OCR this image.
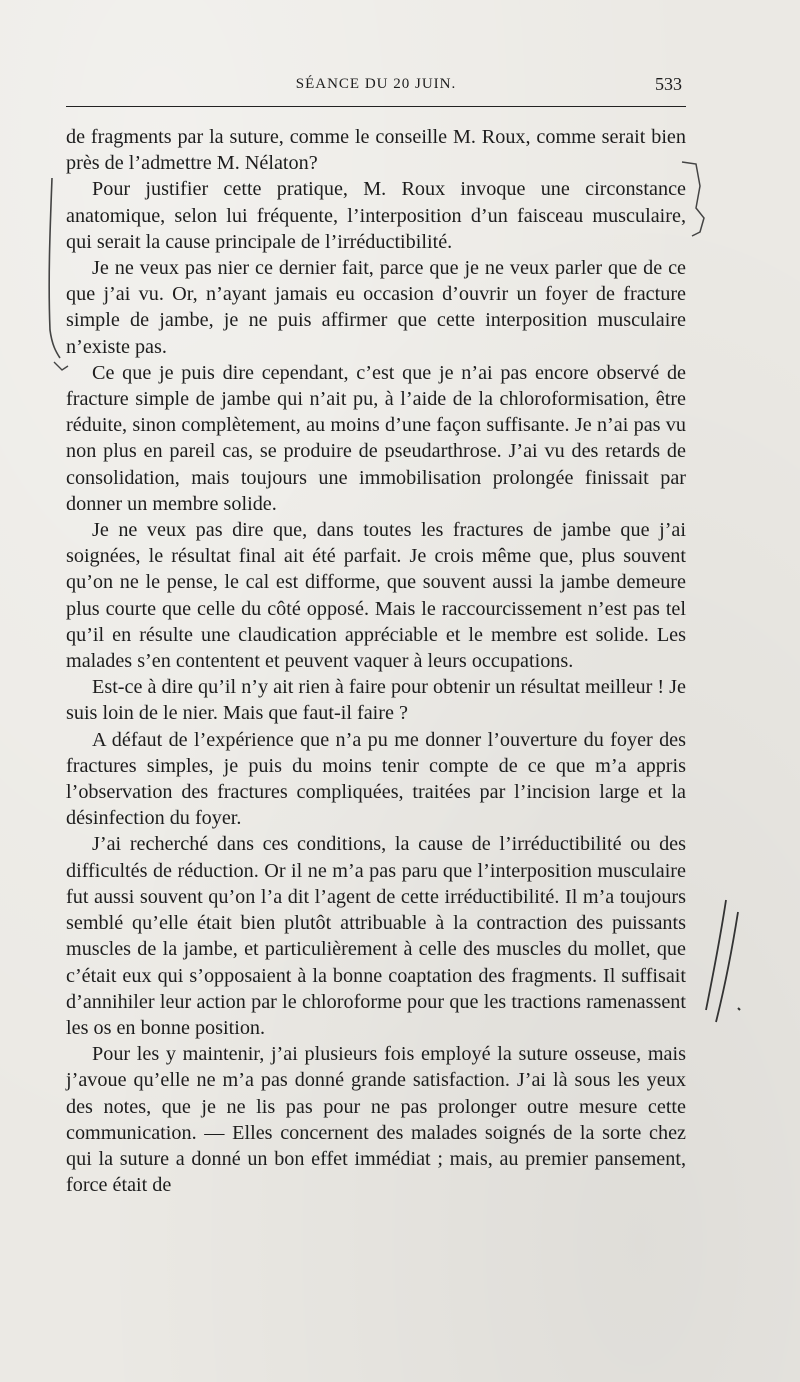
SÉANCE DU 20 JUIN.	533

de fragments par la suture, comme le conseille M. Roux, comme serait bien près de l’admettre M. Nélaton?

Pour justifier cette pratique, M. Roux invoque une circonstance anatomique, selon lui fréquente, l’interposition d’un faisceau musculaire, qui serait la cause principale de l’irréductibilité.

Je ne veux pas nier ce dernier fait, parce que je ne veux parler que de ce que j’ai vu. Or, n’ayant jamais eu occasion d’ouvrir un foyer de fracture simple de jambe, je ne puis affirmer que cette interposition musculaire n’existe pas.

Ce que je puis dire cependant, c’est que je n’ai pas encore observé de fracture simple de jambe qui n’ait pu, à l’aide de la chloroformisation, être réduite, sinon complètement, au moins d’une façon suffisante. Je n’ai pas vu non plus en pareil cas, se produire de pseudarthrose. J’ai vu des retards de consolidation, mais toujours une immobilisation prolongée finissait par donner un membre solide.

Je ne veux pas dire que, dans toutes les fractures de jambe que j’ai soignées, le résultat final ait été parfait. Je crois même que, plus souvent qu’on ne le pense, le cal est difforme, que souvent aussi la jambe demeure plus courte que celle du côté opposé. Mais le raccourcissement n’est pas tel qu’il en résulte une claudication appréciable et le membre est solide. Les malades s’en contentent et peuvent vaquer à leurs occupations.

Est-ce à dire qu’il n’y ait rien à faire pour obtenir un résultat meilleur ! Je suis loin de le nier. Mais que faut-il faire ?

A défaut de l’expérience que n’a pu me donner l’ouverture du foyer des fractures simples, je puis du moins tenir compte de ce que m’a appris l’observation des fractures compliquées, traitées par l’incision large et la désinfection du foyer.

J’ai recherché dans ces conditions, la cause de l’irréductibilité ou des difficultés de réduction. Or il ne m’a pas paru que l’interposition musculaire fut aussi souvent qu’on l’a dit l’agent de cette irréductibilité. Il m’a toujours semblé qu’elle était bien plutôt attribuable à la contraction des puissants muscles de la jambe, et particulièrement à celle des muscles du mollet, que c’était eux qui s’opposaient à la bonne coaptation des fragments. Il suffisait d’annihiler leur action par le chloroforme pour que les tractions ramenassent les os en bonne position.

Pour les y maintenir, j’ai plusieurs fois employé la suture osseuse, mais j’avoue qu’elle ne m’a pas donné grande satisfaction. J’ai là sous les yeux des notes, que je ne lis pas pour ne pas prolonger outre mesure cette communication. — Elles concernent des malades soignés de la sorte chez qui la suture a donné un bon effet immédiat ; mais, au premier pansement, force était de
